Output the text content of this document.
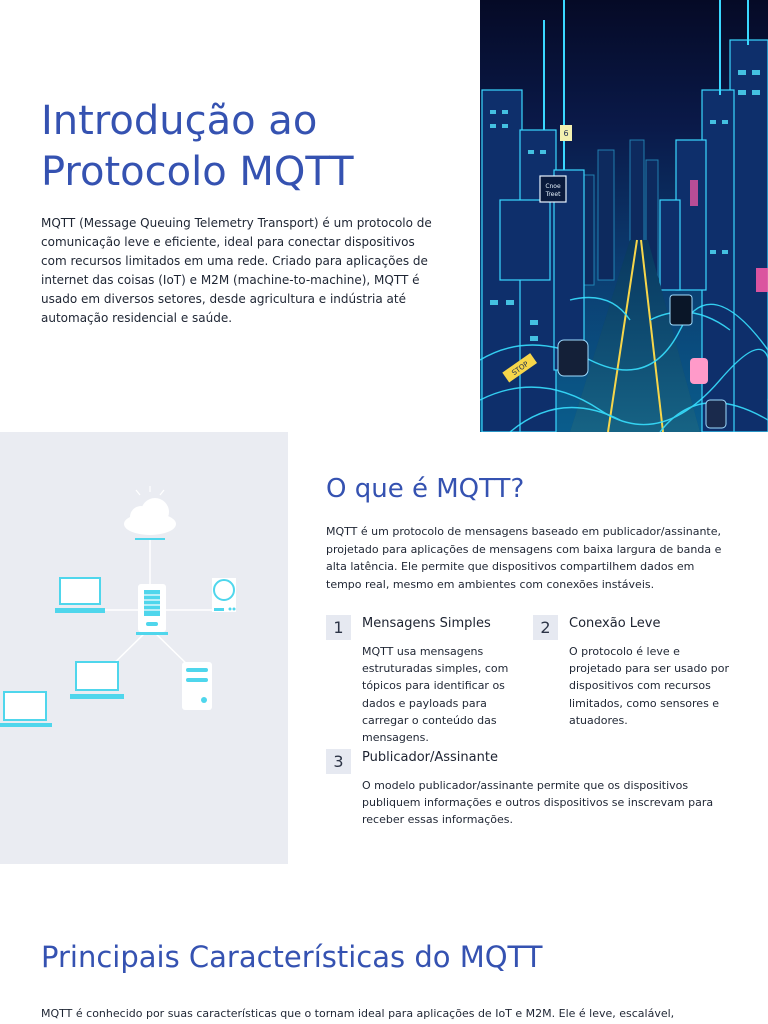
Introdução ao Protocolo MQTT

MQTT (Message Queuing Telemetry Transport) é um protocolo de comunicação leve e eficiente, ideal para conectar dispositivos com recursos limitados em uma rede. Criado para aplicações de internet das coisas (IoT) e M2M (machine-to-machine), MQTT é usado em diversos setores, desde agricultura e indústria até automação residencial e saúde.

6
Cnoe
Treet
STOP
O que é MQTT?

MQTT é um protocolo de mensagens baseado em publicador/assinante, projetado para aplicações de mensagens com baixa largura de banda e alta latência. Ele permite que dispositivos compartilhem dados em tempo real, mesmo em ambientes com conexões instáveis.

1	Mensagens Simples

MQTT usa mensagens estruturadas simples, com tópicos para identificar os dados e payloads para carregar o conteúdo das mensagens.

2	Conexão Leve

O protocolo é leve e projetado para ser usado por dispositivos com recursos limitados, como sensores e atuadores.

3	Publicador/Assinante

O modelo publicador/assinante permite que os dispositivos publiquem informações e outros dispositivos se inscrevam para receber essas informações.

Principais Características do MQTT

MQTT é conhecido por suas características que o tornam ideal para aplicações de IoT e M2M. Ele é leve, escalável,
